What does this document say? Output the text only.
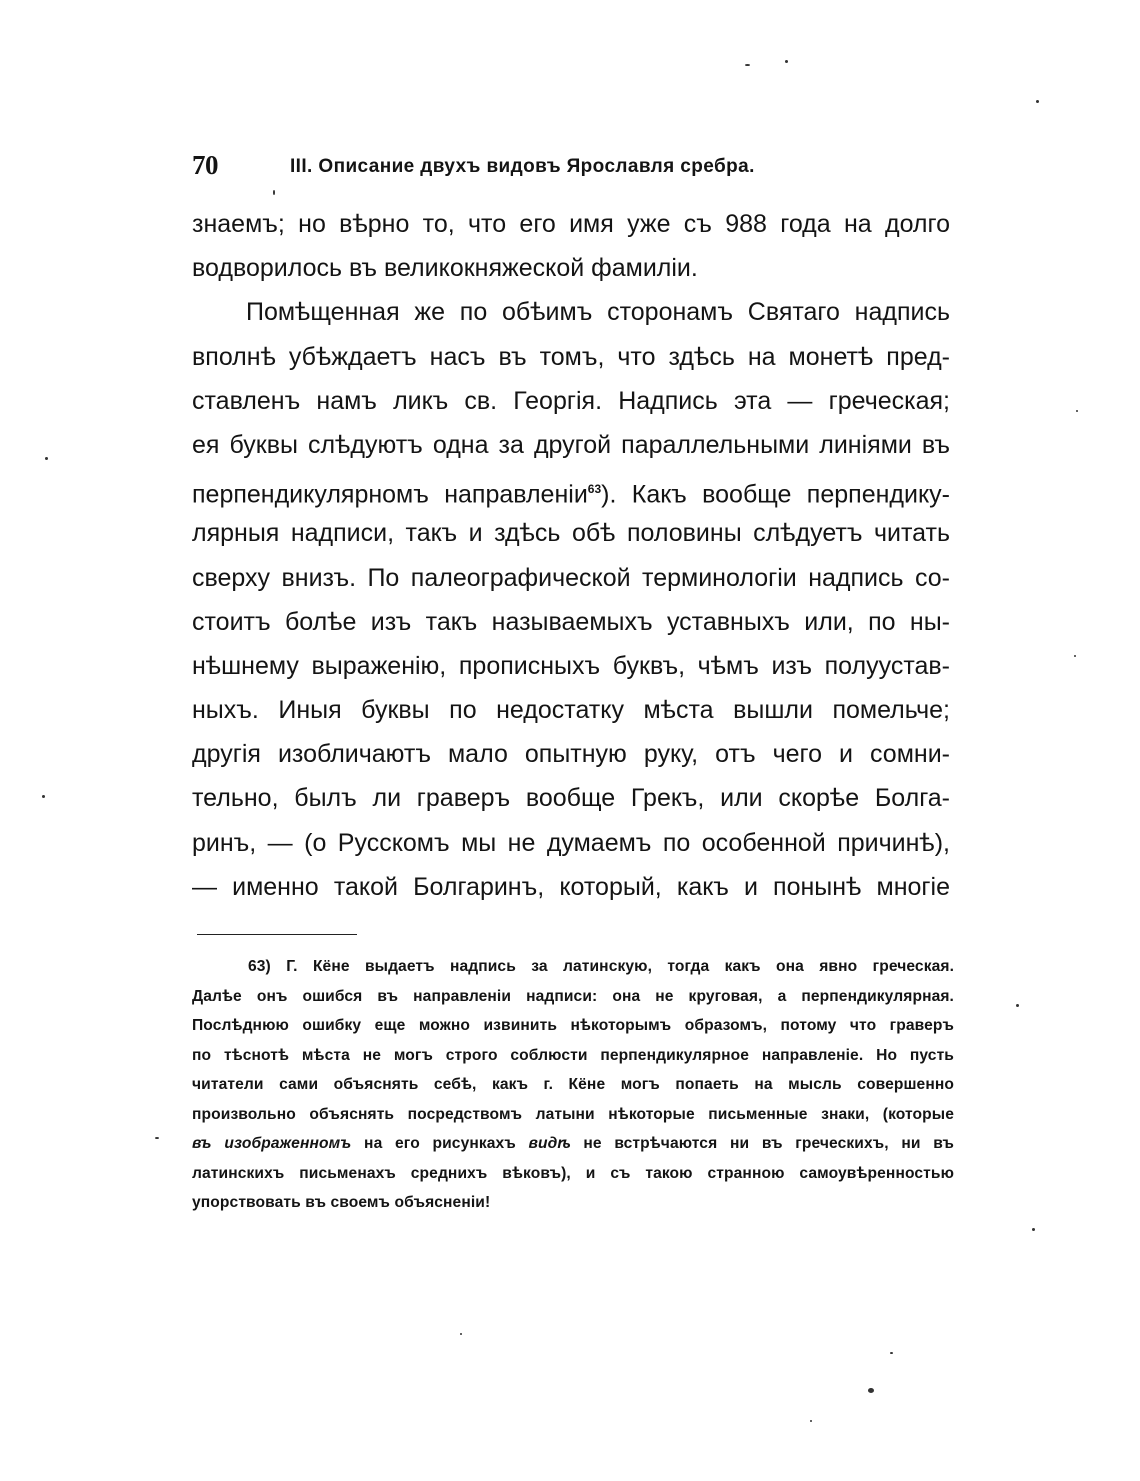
70	III. Описание двухъ видовъ Ярославля сребра.
знаемъ; но вѣрно то, что его имя уже съ 988 года на долго
водворилось въ великокняжеской фамиліи.
Помѣщенная же по обѣимъ сторонамъ Святаго надпись
вполнѣ убѣждаетъ насъ въ томъ, что здѣсь на монетѣ пред-
ставленъ намъ ликъ св. Георгія. Надпись эта — греческая;
ея буквы слѣдуютъ одна за другой параллельными линіями въ
перпендикулярномъ направленіи$^{63}$). Какъ вообще перпендику-
лярныя надписи, такъ и здѣсь обѣ половины слѣдуетъ читать
сверху внизъ. По палеографической терминологіи надпись со-
стоитъ болѣе изъ такъ называемыхъ уставныхъ или, по ны-
нѣшнему выраженію, прописныхъ буквъ, чѣмъ изъ полуустав-
ныхъ. Иныя буквы по недостатку мѣста вышли помельче;
другія изобличаютъ мало опытную руку, отъ чего и сомни-
тельно, былъ ли граверъ вообще Грекъ, или скорѣе Болга-
ринъ, — (о Русскомъ мы не думаемъ по особенной причинѣ),
— именно такой Болгаринъ, который, какъ и понынѣ многіе
63) Г. Кёне выдаетъ надпись за латинскую, тогда какъ она явно греческая.
Далѣе онъ ошибся въ направленіи надписи: она не круговая, а перпендикулярная.
Послѣднюю ошибку еще можно извинить нѣкоторымъ образомъ, потому что граверъ
по тѣснотѣ мѣста не могъ строго соблюсти перпендикулярное направленіе. Но пусть
читатели сами объяснять себѣ, какъ г. Кёне могъ попаеть на мысль совершенно
произвольно объяснять посредствомъ латыни нѣкоторые письменные знаки, (которые
въ изображенномъ на его рисункахъ видѣ не встрѣчаются ни въ греческихъ, ни въ
латинскихъ письменахъ среднихъ вѣковъ), и съ такою странною самоувѣренностью
упорствовать въ своемъ объясненіи!
